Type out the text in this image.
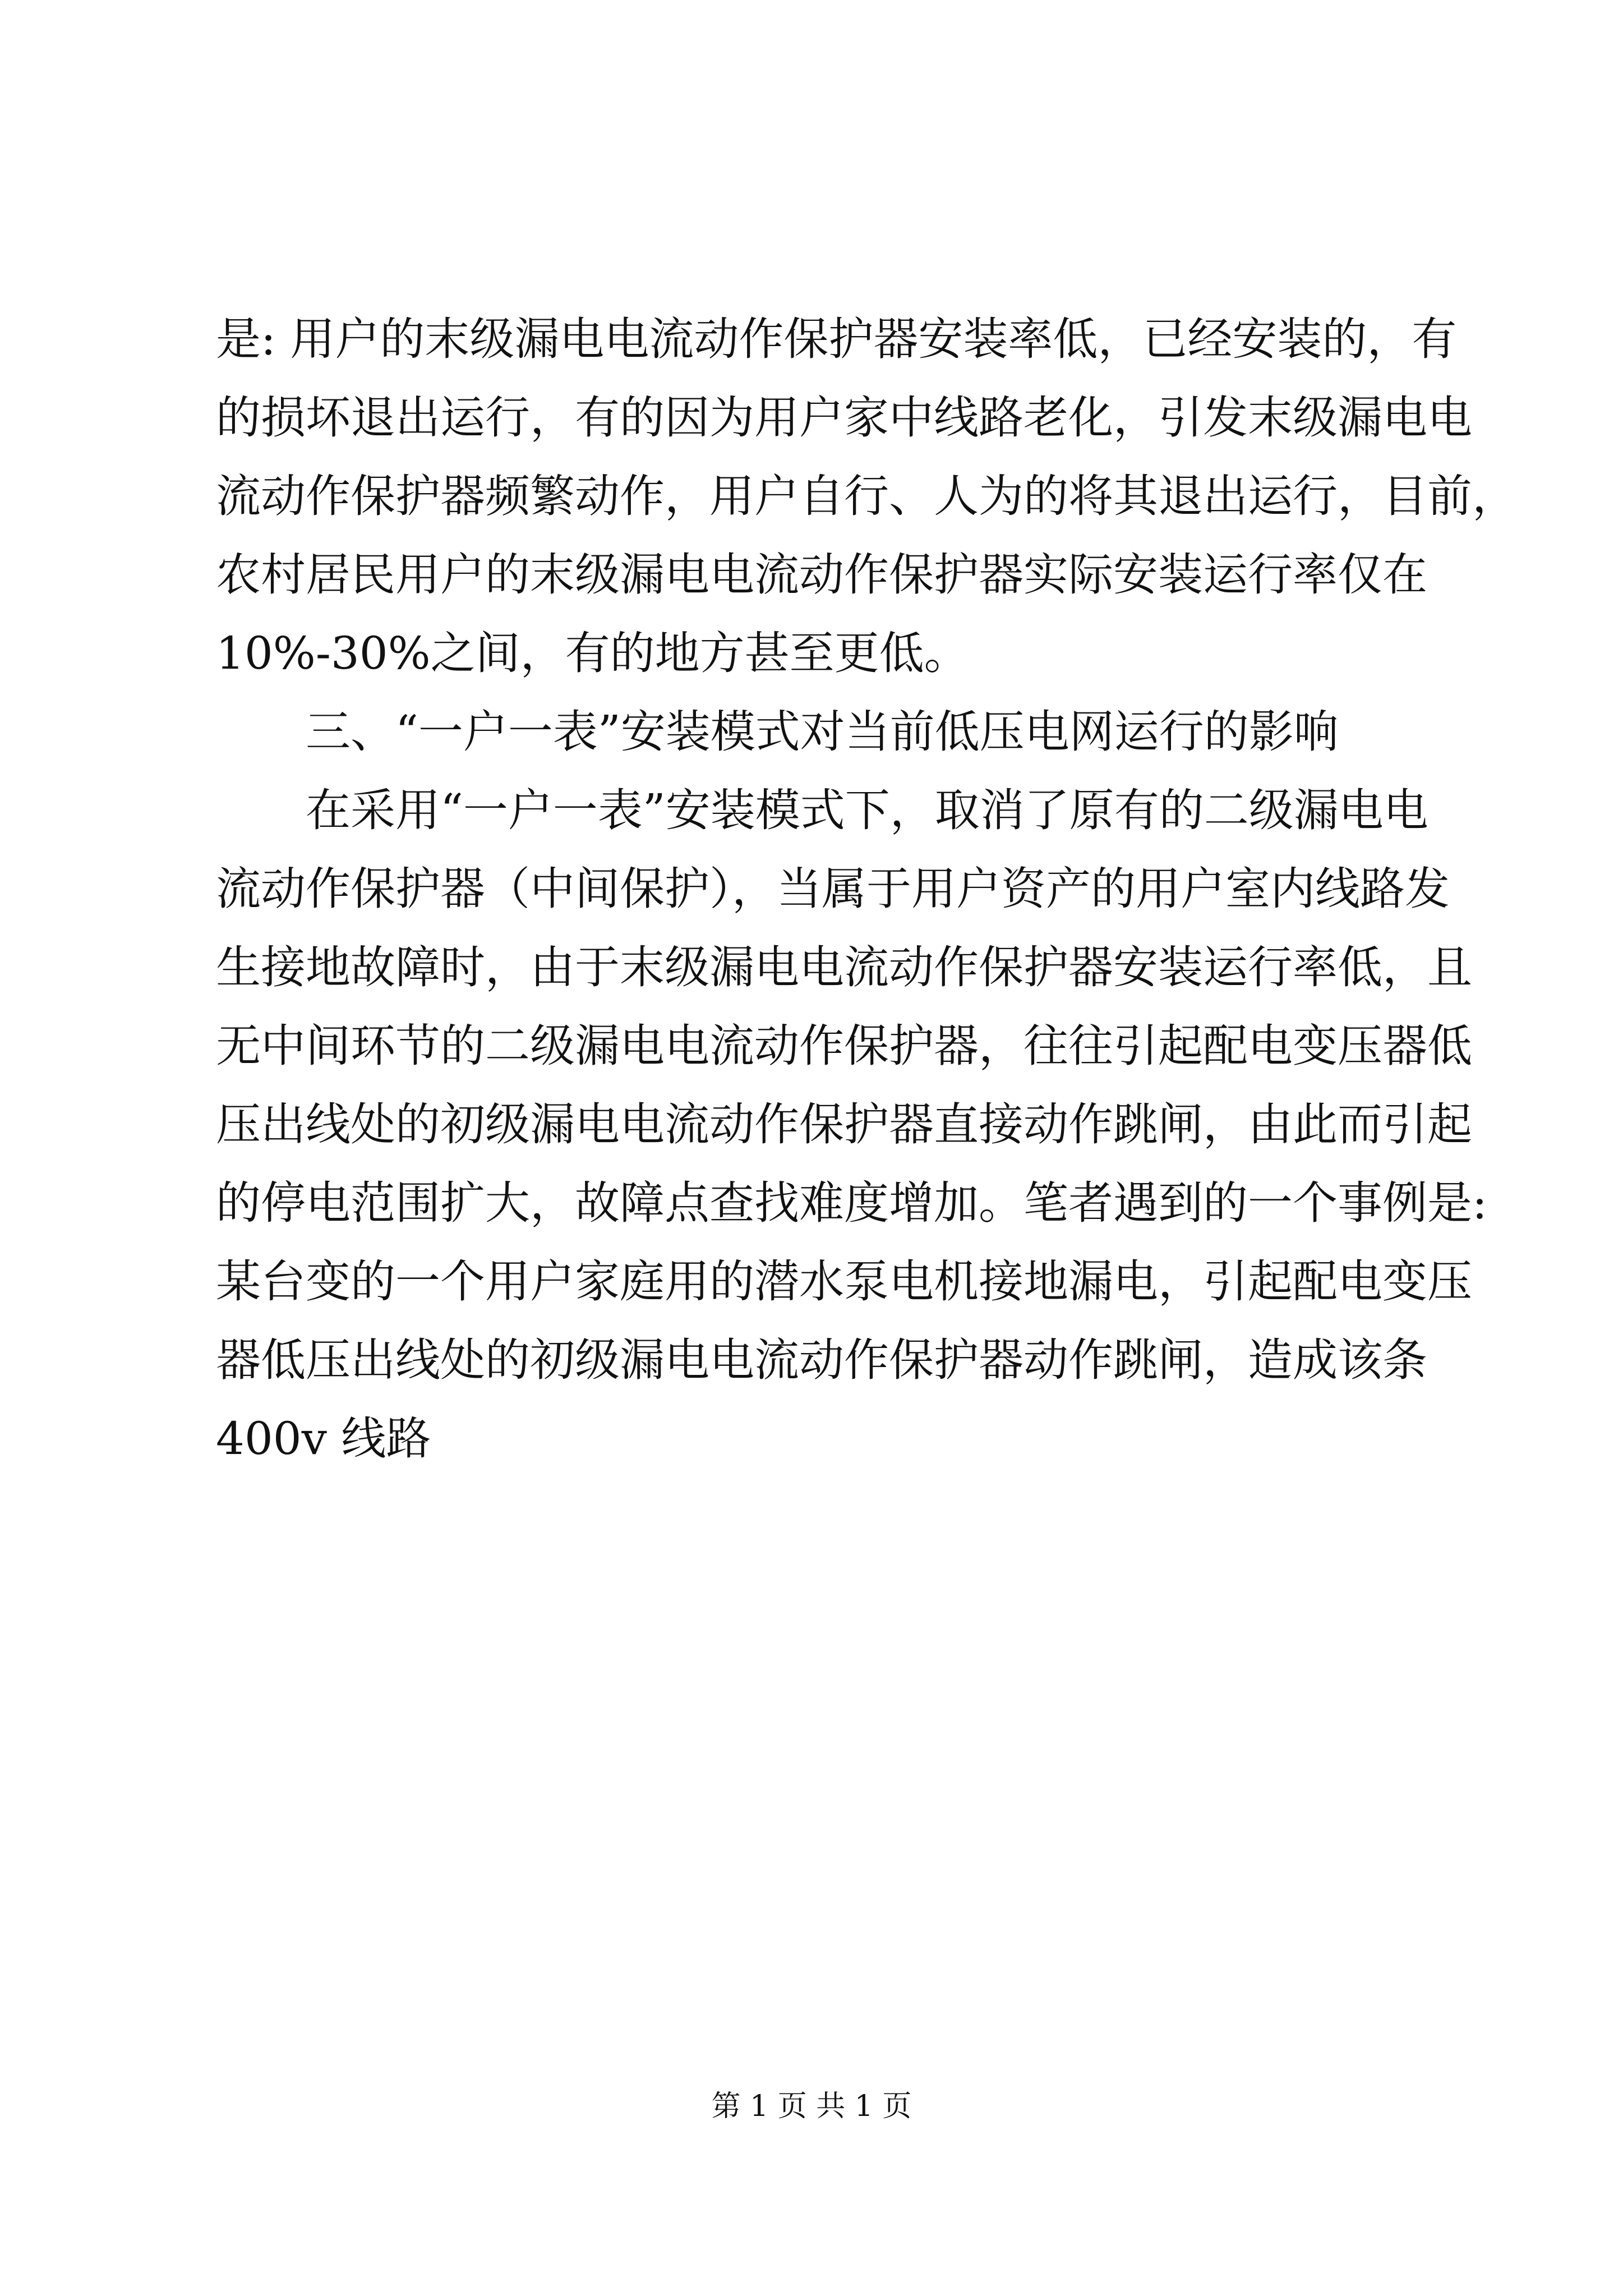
是: 用户的末级漏电电流动作保护器安装率低，已经安装的，有
的损坏退出运行，有的因为用户家中线路老化，引发末级漏电电
流动作保护器频繁动作，用户自行、人为的将其退出运行，目前，
农村居民用户的末级漏电电流动作保护器实际安装运行率仅在
10%-30%之间，有的地方甚至更低。
三、“一户一表”安装模式对当前低压电网运行的影响
在采用“一户一表”安装模式下，取消了原有的二级漏电电
流动作保护器（中间保护），当属于用户资产的用户室内线路发
生接地故障时，由于末级漏电电流动作保护器安装运行率低，且
无中间环节的二级漏电电流动作保护器，往往引起配电变压器低
压出线处的初级漏电电流动作保护器直接动作跳闸，由此而引起
的停电范围扩大，故障点查找难度增加。笔者遇到的一个事例是:
某台变的一个用户家庭用的潜水泵电机接地漏电，引起配电变压
器低压出线处的初级漏电电流动作保护器动作跳闸，造成该条
400v 线路
第 1 页 共 1 页
